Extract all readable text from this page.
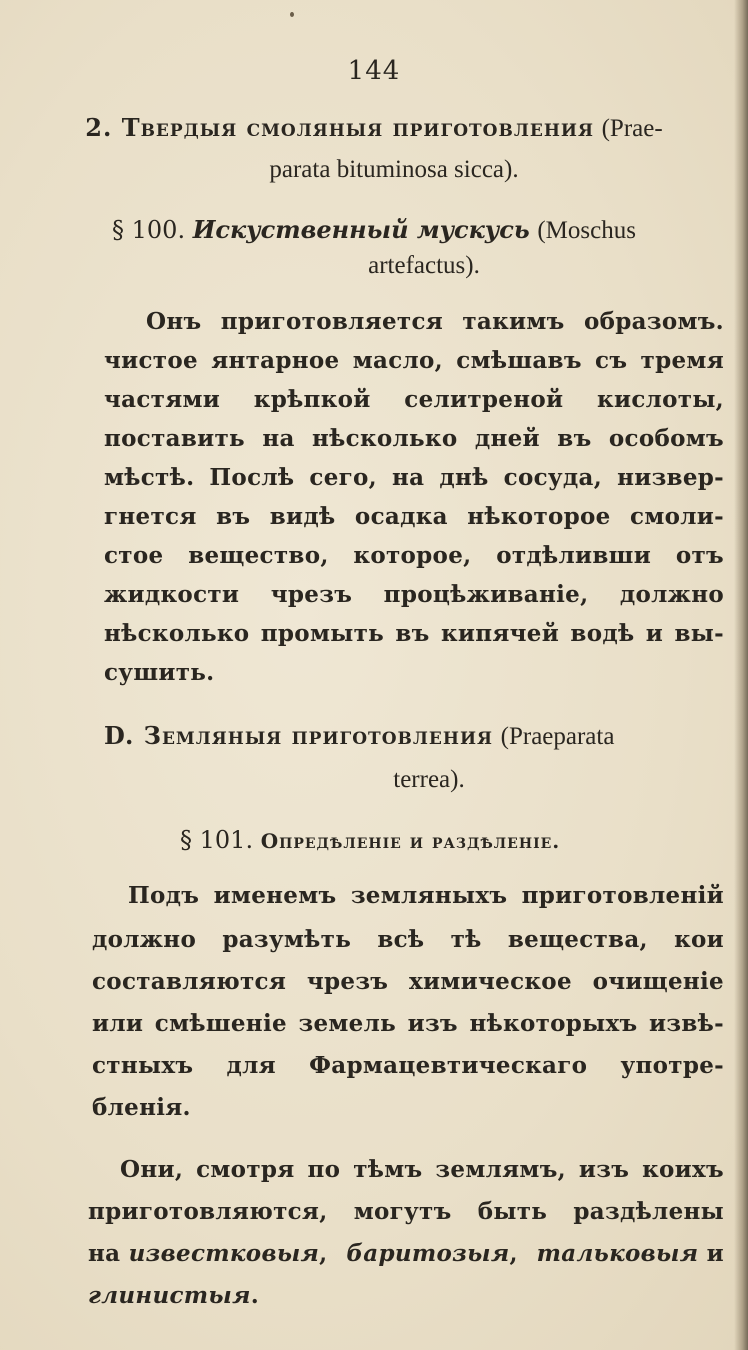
144
2. Твердыя смоляныя приготовления (Prae-
parata bituminosa sicca).
§ 100. Искуственный мускусь (Moschus
artefactus).
Онъ приготовляется такимъ образомъ.
чистое янтарное масло, смѣшавъ съ тремя
частями крѣпкой селитреной кислоты,
поставить на нѣсколько дней въ особомъ
мѣстѣ. Послѣ сего, на днѣ сосуда, низвер-
гнется въ видѣ осадка нѣкоторое смоли-
стое вещество, которое, отдѣливши отъ
жидкости чрезъ процѣживанiе, должно
нѣсколько промыть въ кипячей водѣ и вы-
сушить.
D. Земляныя приготовления (Praeparata
terrea).
§ 101. Опредѣленiе и раздѣленiе.
Подъ именемъ земляныхъ приготовленiй
должно разумѣть всѣ тѣ вещества, кои
составляются чрезъ химическое очищенiе
или смѣшенiе земель изъ нѣкоторыхъ извѣ-
стныхъ для Фармацевтическаго употре-
бленiя.
Они, смотря по тѣмъ землямъ, изъ коихъ
приготовляются, могутъ быть раздѣлены
на известковыя, баритозыя, тальковыя и
глинистыя.
